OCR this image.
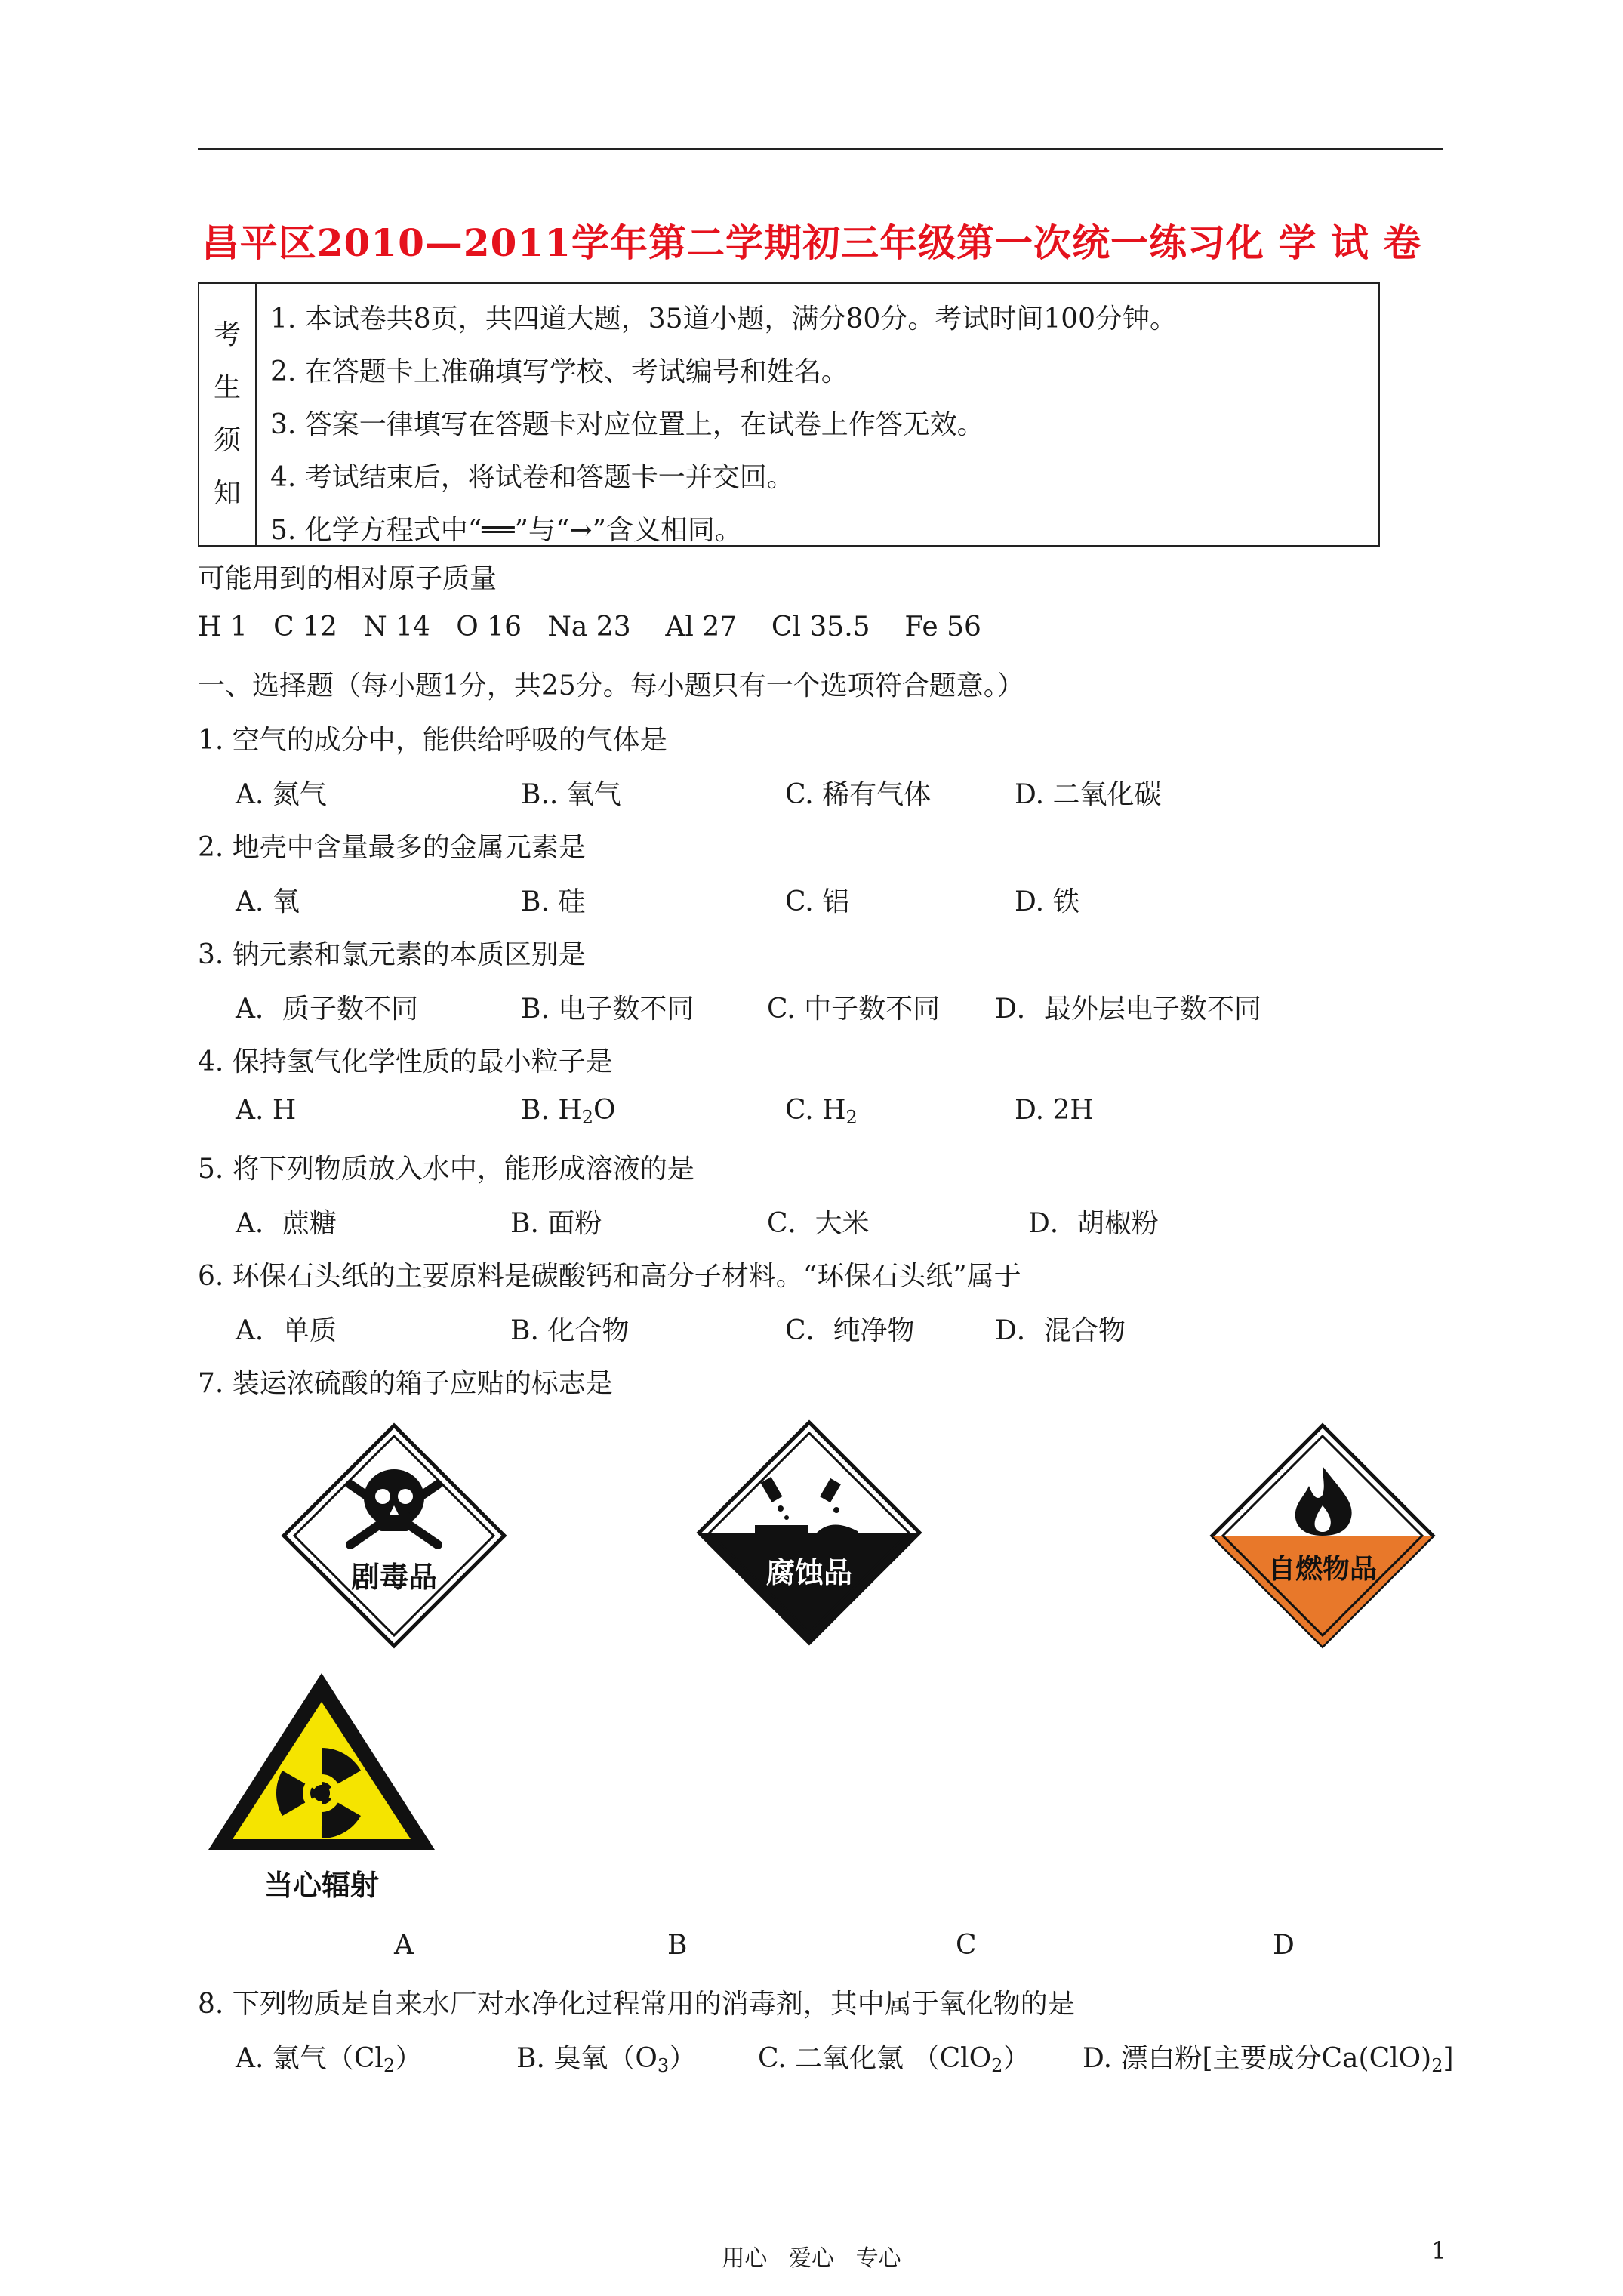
昌平区2010—2011学年第二学期初三年级第一次统一练习化 学 试 卷
考
生
须
知
1. 本试卷共8页，共四道大题，35道小题，满分80分。考试时间100分钟。
2. 在答题卡上准确填写学校、考试编号和姓名。
3. 答案一律填写在答题卡对应位置上，在试卷上作答无效。
4. 考试结束后，将试卷和答题卡一并交回。
5. 化学方程式中“══”与“→”含义相同。
可能用到的相对原子质量
H 1   C 12   N 14   O 16   Na 23    Al 27    Cl 35.5    Fe 56
一、选择题（每小题1分，共25分。每小题只有一个选项符合题意。）
1. 空气的成分中，能供给呼吸的气体是
A. 氮气	B.. 氧气	C. 稀有气体	D. 二氧化碳
2. 地壳中含量最多的金属元素是
A. 氧	B. 硅	C. 铝	D. 铁
3. 钠元素和氯元素的本质区别是
A．质子数不同	B. 电子数不同	C. 中子数不同 D．最外层电子数不同
4. 保持氢气化学性质的最小粒子是
A. H	B. $H_2O$	C. $H_2$	D. 2H
5. 将下列物质放入水中，能形成溶液的是
A．蔗糖	B. 面粉	C．大米	D．胡椒粉
6. 环保石头纸的主要原料是碳酸钙和高分子材料。“环保石头纸”属于
A．单质	B. 化合物	C．纯净物	D．混合物
7. 装运浓硫酸的箱子应贴的标志是
剧毒品	腐蚀品	自燃物品
当心辐射
A	B	C	D
8. 下列物质是自来水厂对水净化过程常用的消毒剂，其中属于氧化物的是
A. 氯气$(Cl_2)$	B. 臭氧$(O_3)$ C. 二氧化氯 （ClO$_2$） D. 漂白粉[主要成分$Ca(ClO)_2$]
用心   爱心   专心	1
